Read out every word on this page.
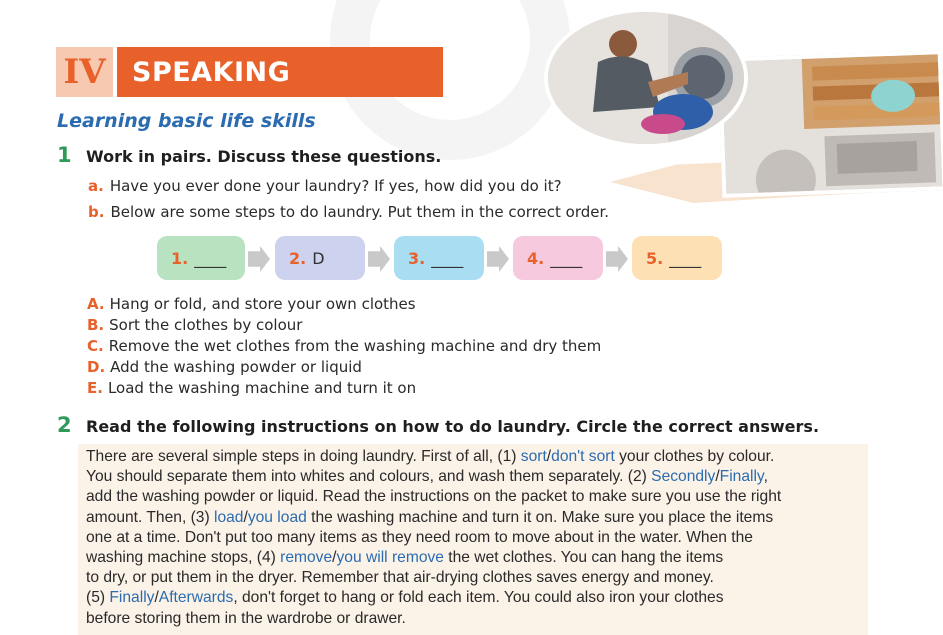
IV SPEAKING
Learning basic life skills
1 Work in pairs. Discuss these questions.
a. Have you ever done your laundry? If yes, how did you do it?
b. Below are some steps to do laundry. Put them in the correct order.
1. ____	2. D	3. ____	4. ____	5. ____
A. Hang or fold, and store your own clothes
B. Sort the clothes by colour
C. Remove the wet clothes from the washing machine and dry them
D. Add the washing powder or liquid
E. Load the washing machine and turn it on
2 Read the following instructions on how to do laundry. Circle the correct answers.
There are several simple steps in doing laundry. First of all, (1) sort/don't sort your clothes by colour.
You should separate them into whites and colours, and wash them separately. (2) Secondly/Finally,
add the washing powder or liquid. Read the instructions on the packet to make sure you use the right
amount. Then, (3) load/you load the washing machine and turn it on. Make sure you place the items
one at a time. Don't put too many items as they need room to move about in the water. When the
washing machine stops, (4) remove/you will remove the wet clothes. You can hang the items
to dry, or put them in the dryer. Remember that air-drying clothes saves energy and money.
(5) Finally/Afterwards, don't forget to hang or fold each item. You could also iron your clothes
before storing them in the wardrobe or drawer.
